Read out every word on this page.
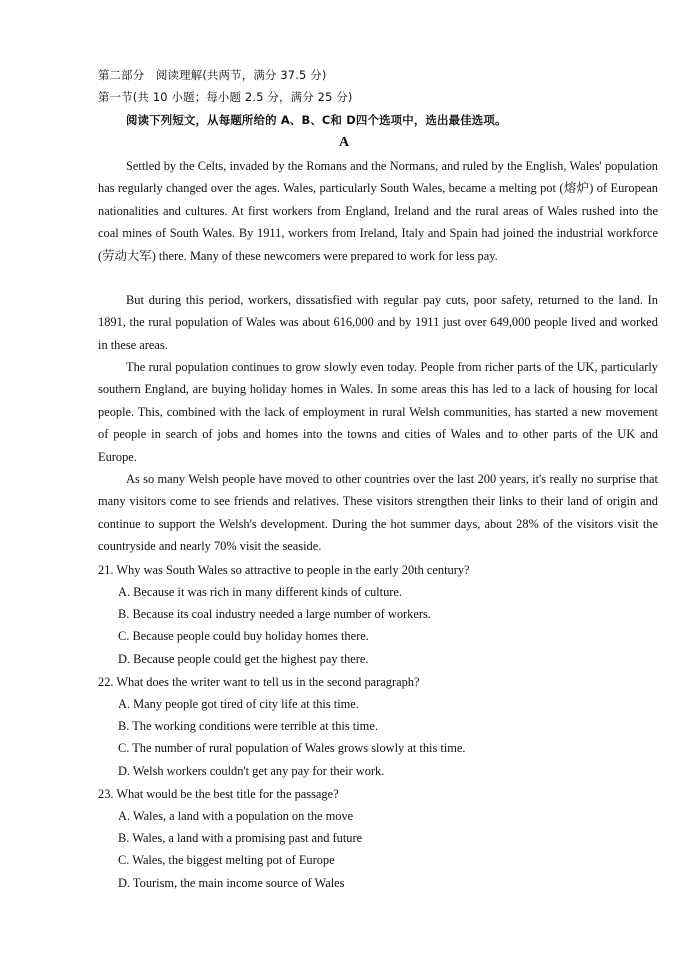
第二部分　阅读理解(共两节，满分 37.5 分)
第一节(共 10 小题；每小题 2.5 分，满分 25 分)
阅读下列短文，从每题所给的 A、B、C和 D四个选项中，选出最佳选项。
A

Settled by the Celts, invaded by the Romans and the Normans, and ruled by the English, Wales' population has regularly changed over the ages. Wales, particularly South Wales, became a melting pot (熔炉) of European nationalities and cultures. At first workers from England, Ireland and the rural areas of Wales rushed into the coal mines of South Wales. By 1911, workers from Ireland, Italy and Spain had joined the industrial workforce (劳动大军) there. Many of these newcomers were prepared to work for less pay.

But during this period, workers, dissatisfied with regular pay cuts, poor safety, returned to the land. In 1891, the rural population of Wales was about 616,000 and by 1911 just over 649,000 people lived and worked in these areas.

The rural population continues to grow slowly even today. People from richer parts of the UK, particularly southern England, are buying holiday homes in Wales. In some areas this has led to a lack of housing for local people. This, combined with the lack of employment in rural Welsh communities, has started a new movement of people in search of jobs and homes into the towns and cities of Wales and to other parts of the UK and Europe.

As so many Welsh people have moved to other countries over the last 200 years, it's really no surprise that many visitors come to see friends and relatives. These visitors strengthen their links to their land of origin and continue to support the Welsh's development. During the hot summer days, about 28% of the visitors visit the countryside and nearly 70% visit the seaside.

21. Why was South Wales so attractive to people in the early 20th century?
A. Because it was rich in many different kinds of culture.
B. Because its coal industry needed a large number of workers.
C. Because people could buy holiday homes there.
D. Because people could get the highest pay there.
22. What does the writer want to tell us in the second paragraph?
A. Many people got tired of city life at this time.
B. The working conditions were terrible at this time.
C. The number of rural population of Wales grows slowly at this time.
D. Welsh workers couldn't get any pay for their work.
23. What would be the best title for the passage?
A. Wales, a land with a population on the move
B. Wales, a land with a promising past and future
C. Wales, the biggest melting pot of Europe
D. Tourism, the main income source of Wales
